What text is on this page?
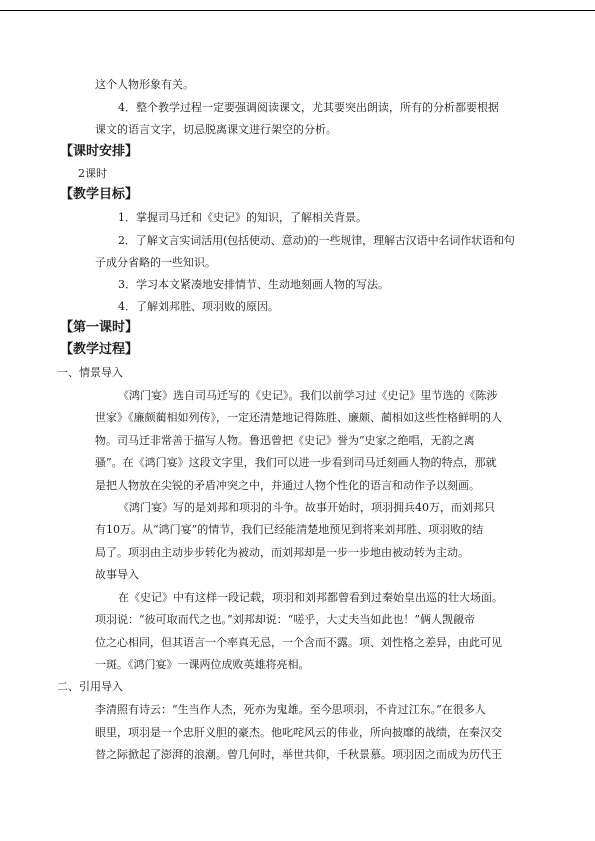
这个人物形象有关。
4．整个教学过程一定要强调阅读课文，尤其要突出朗读，所有的分析都要根据
课文的语言文字，切忌脱离课文进行架空的分析。
【课时安排】
2课时
【教学目标】
1．掌握司马迁和《史记》的知识，了解相关背景。
2．了解文言实词活用(包括使动、意动)的一些规律，理解古汉语中名词作状语和句
子成分省略的一些知识。
3．学习本文紧凑地安排情节、生动地刻画人物的写法。
4．了解刘邦胜、项羽败的原因。
【第一课时】
【教学过程】
一、情景导入
《鸿门宴》选自司马迁写的《史记》。我们以前学习过《史记》里节选的《陈涉
世家》《廉颇蔺相如列传》，一定还清楚地记得陈胜、廉颇、蔺相如这些性格鲜明的人
物。司马迁非常善于描写人物。鲁迅曾把《史记》誉为“史家之绝唱，无韵之离
骚”。在《鸿门宴》这段文字里，我们可以进一步看到司马迁刻画人物的特点，那就
是把人物放在尖锐的矛盾冲突之中，并通过人物个性化的语言和动作予以刻画。
《鸿门宴》写的是刘邦和项羽的斗争。故事开始时，项羽拥兵40万，而刘邦只
有10万。从“鸿门宴”的情节，我们已经能清楚地预见到将来刘邦胜、项羽败的结
局了。项羽由主动步步转化为被动，而刘邦却是一步一步地由被动转为主动。
故事导入
在《史记》中有这样一段记载，项羽和刘邦都曾看到过秦始皇出巡的壮大场面。
项羽说：“彼可取而代之也。”刘邦却说：“嗟乎，大丈夫当如此也！”俩人觊觎帝
位之心相同，但其语言一个率真无忌，一个含而不露。项、刘性格之差异，由此可见
一斑。《鸿门宴》一课两位成败英雄将亮相。
二、引用导入
李清照有诗云：“生当作人杰，死亦为鬼雄。至今思项羽，不肯过江东。”在很多人
眼里，项羽是一个忠肝义胆的豪杰。他叱咤风云的伟业，所向披靡的战绩，在秦汉交
替之际掀起了澎湃的浪潮。曾几何时，举世共仰，千秋景慕。项羽因之而成为历代王
